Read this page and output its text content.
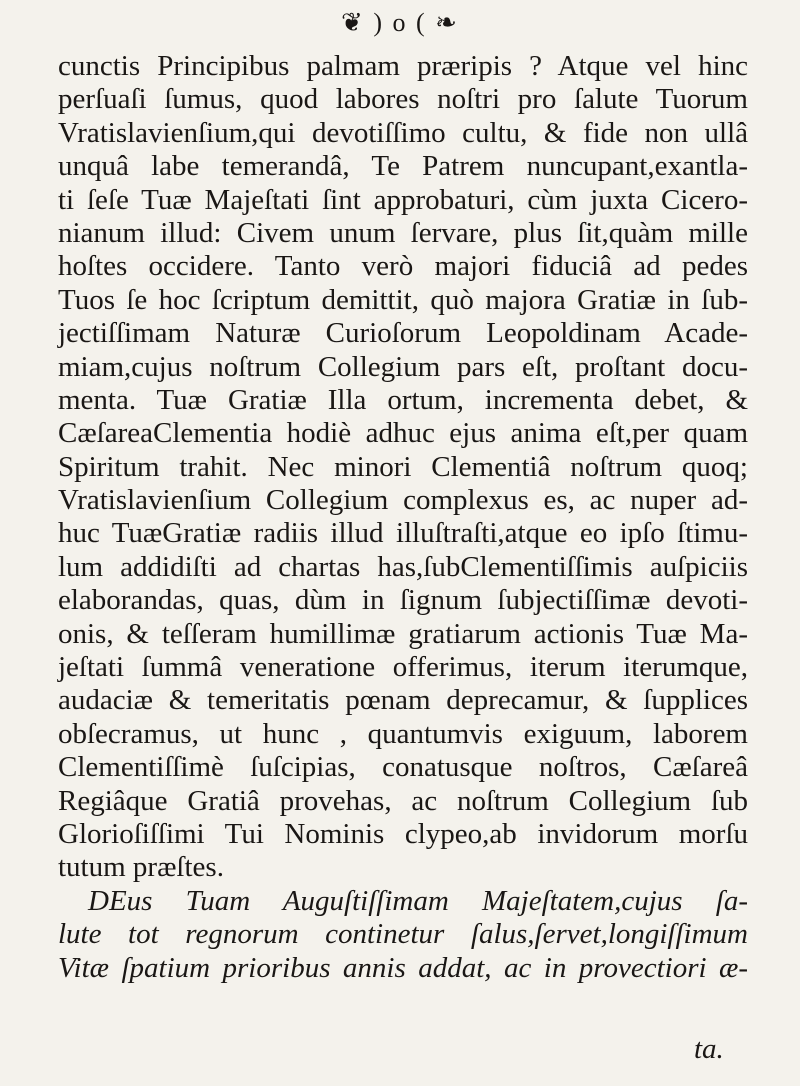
❦ ) o ( ❧
cunctis Principibus palmam præripis ? Atque vel hinc
perſuaſi ſumus, quod labores noſtri pro ſalute Tuorum
Vratislavienſium,qui devotiſſimo cultu, & fide non ullâ
unquâ labe temerandâ, Te Patrem nuncupant,exantla-
ti ſeſe Tuæ Majeſtati ſint approbaturi, cùm juxta Cicero-
nianum illud: Civem unum ſervare, plus ſit,quàm mille
hoſtes occidere. Tanto verò majori fiduciâ ad pedes
Tuos ſe hoc ſcriptum demittit, quò majora Gratiæ in ſub-
jectiſſimam Naturæ Curioſorum Leopoldinam Acade-
miam,cujus noſtrum Collegium pars eſt, proſtant docu-
menta. Tuæ Gratiæ Illa ortum, incrementa debet, &
CæſareaClementia hodiè adhuc ejus anima eſt,per quam
Spiritum trahit. Nec minori Clementiâ noſtrum quoq;
Vratislavienſium Collegium complexus es, ac nuper ad-
huc TuæGratiæ radiis illud illuſtraſti,atque eo ipſo ſtimu-
lum addidiſti ad chartas has,ſubClementiſſimis auſpiciis
elaborandas, quas, dùm in ſignum ſubjectiſſimæ devoti-
onis, & teſſeram humillimæ gratiarum actionis Tuæ Ma-
jeſtati ſummâ veneratione offerimus, iterum iterumque,
audaciæ & temeritatis pœnam deprecamur, & ſupplices
obſecramus, ut hunc , quantumvis exiguum, laborem
Clementiſſimè ſuſcipias, conatusque noſtros, Cæſareâ
Regiâque Gratiâ provehas, ac noſtrum Collegium ſub
Glorioſiſſimi Tui Nominis clypeo,ab invidorum morſu
tutum præſtes.
DEus Tuam Auguſtiſſimam Majeſtatem,cujus ſa-
lute tot regnorum continetur ſalus,ſervet,longiſſimum
Vitæ ſpatium prioribus annis addat, ac in provectiori æ-
ta.
